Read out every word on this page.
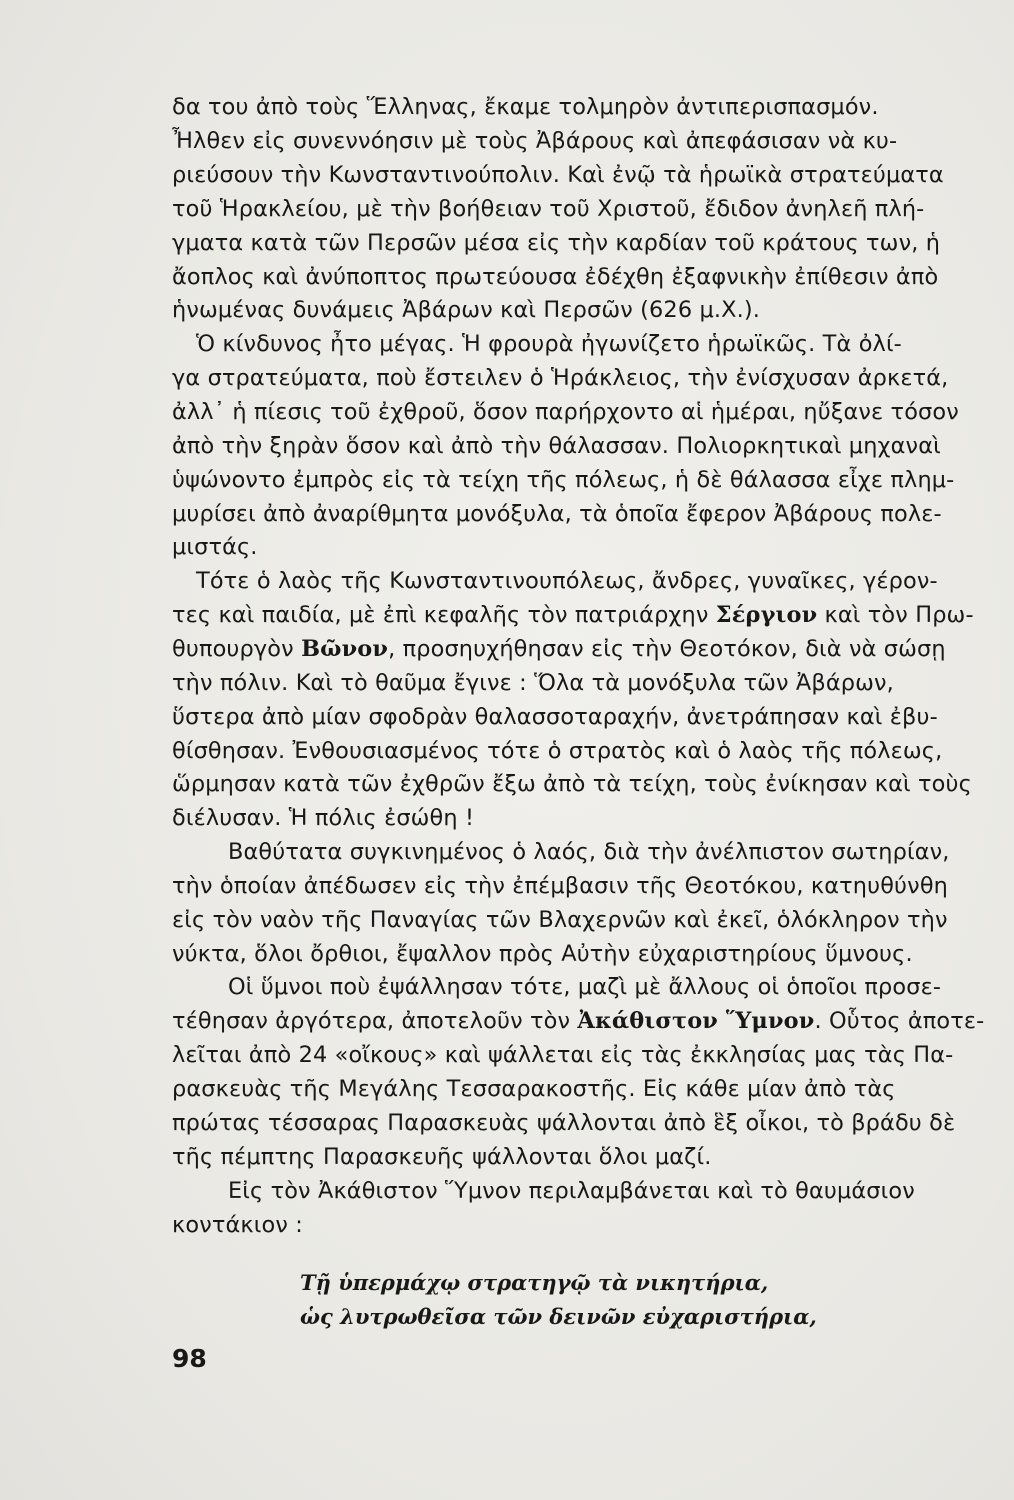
δα του ἀπὸ τοὺς Ἕλληνας, ἔκαμε τολμηρὸν ἀντιπερισπασμόν.
Ἦλθεν εἰς συνεννόησιν μὲ τοὺς Ἀβάρους καὶ ἀπεφάσισαν νὰ κυ-
ριεύσουν τὴν Κωνσταντινούπολιν. Καὶ ἐνῷ τὰ ἡρωϊκὰ στρατεύματα
τοῦ Ἡρακλείου, μὲ τὴν βοήθειαν τοῦ Χριστοῦ, ἔδιδον ἀνηλεῆ πλή-
γματα κατὰ τῶν Περσῶν μέσα εἰς τὴν καρδίαν τοῦ κράτους των, ἡ
ἄοπλος καὶ ἀνύποπτος πρωτεύουσα ἐδέχθη ἐξαφνικὴν ἐπίθεσιν ἀπὸ
ἡνωμένας δυνάμεις Ἀβάρων καὶ Περσῶν (626 μ.Χ.).
Ὁ κίνδυνος ἦτο μέγας. Ἡ φρουρὰ ἠγωνίζετο ἡρωϊκῶς. Τὰ ὀλί-
γα στρατεύματα, ποὺ ἔστειλεν ὁ Ἡράκλειος, τὴν ἐνίσχυσαν ἀρκετά,
ἀλλ᾽ ἡ πίεσις τοῦ ἐχθροῦ, ὅσον παρήρχοντο αἱ ἡμέραι, ηὔξανε τόσον
ἀπὸ τὴν ξηρὰν ὅσον καὶ ἀπὸ τὴν θάλασσαν. Πολιορκητικαὶ μηχαναὶ
ὑψώνοντο ἐμπρὸς εἰς τὰ τείχη τῆς πόλεως, ἡ δὲ θάλασσα εἶχε πλημ-
μυρίσει ἀπὸ ἀναρίθμητα μονόξυλα, τὰ ὁποῖα ἔφερον Ἀβάρους πολε-
μιστάς.
Τότε ὁ λαὸς τῆς Κωνσταντινουπόλεως, ἄνδρες, γυναῖκες, γέρον-
τες καὶ παιδία, μὲ ἐπὶ κεφαλῆς τὸν πατριάρχην Σέργιον καὶ τὸν Πρω-
θυπουργὸν Βῶνον, προσηυχήθησαν εἰς τὴν Θεοτόκον, διὰ νὰ σώσῃ
τὴν πόλιν. Καὶ τὸ θαῦμα ἔγινε : Ὅλα τὰ μονόξυλα τῶν Ἀβάρων,
ὕστερα ἀπὸ μίαν σφοδρὰν θαλασσοταραχήν, ἀνετράπησαν καὶ ἐβυ-
θίσθησαν. Ἐνθουσιασμένος τότε ὁ στρατὸς καὶ ὁ λαὸς τῆς πόλεως,
ὥρμησαν κατὰ τῶν ἐχθρῶν ἔξω ἀπὸ τὰ τείχη, τοὺς ἐνίκησαν καὶ τοὺς
διέλυσαν. Ἡ πόλις ἐσώθη !
Βαθύτατα συγκινημένος ὁ λαός, διὰ τὴν ἀνέλπιστον σωτηρίαν,
τὴν ὁποίαν ἀπέδωσεν εἰς τὴν ἐπέμβασιν τῆς Θεοτόκου, κατηυθύνθη
εἰς τὸν ναὸν τῆς Παναγίας τῶν Βλαχερνῶν καὶ ἐκεῖ, ὁλόκληρον τὴν
νύκτα, ὅλοι ὄρθιοι, ἔψαλλον πρὸς Αὐτὴν εὐχαριστηρίους ὕμνους.
Οἱ ὕμνοι ποὺ ἐψάλλησαν τότε, μαζὶ μὲ ἄλλους οἱ ὁποῖοι προσε-
τέθησαν ἀργότερα, ἀποτελοῦν τὸν Ἀκάθιστον Ὕμνον. Οὗτος ἀποτε-
λεῖται ἀπὸ 24 «οἴκους» καὶ ψάλλεται εἰς τὰς ἐκκλησίας μας τὰς Πα-
ρασκευὰς τῆς Μεγάλης Τεσσαρακοστῆς. Εἰς κάθε μίαν ἀπὸ τὰς
πρώτας τέσσαρας Παρασκευὰς ψάλλονται ἀπὸ ἓξ οἶκοι, τὸ βράδυ δὲ
τῆς πέμπτης Παρασκευῆς ψάλλονται ὅλοι μαζί.
Εἰς τὸν Ἀκάθιστον Ὕμνον περιλαμβάνεται καὶ τὸ θαυμάσιον
κοντάκιον :
Τῇ ὑπερμάχῳ στρατηγῷ τὰ νικητήρια,
ὡς λυτρωθεῖσα τῶν δεινῶν εὐχαριστήρια,
98
